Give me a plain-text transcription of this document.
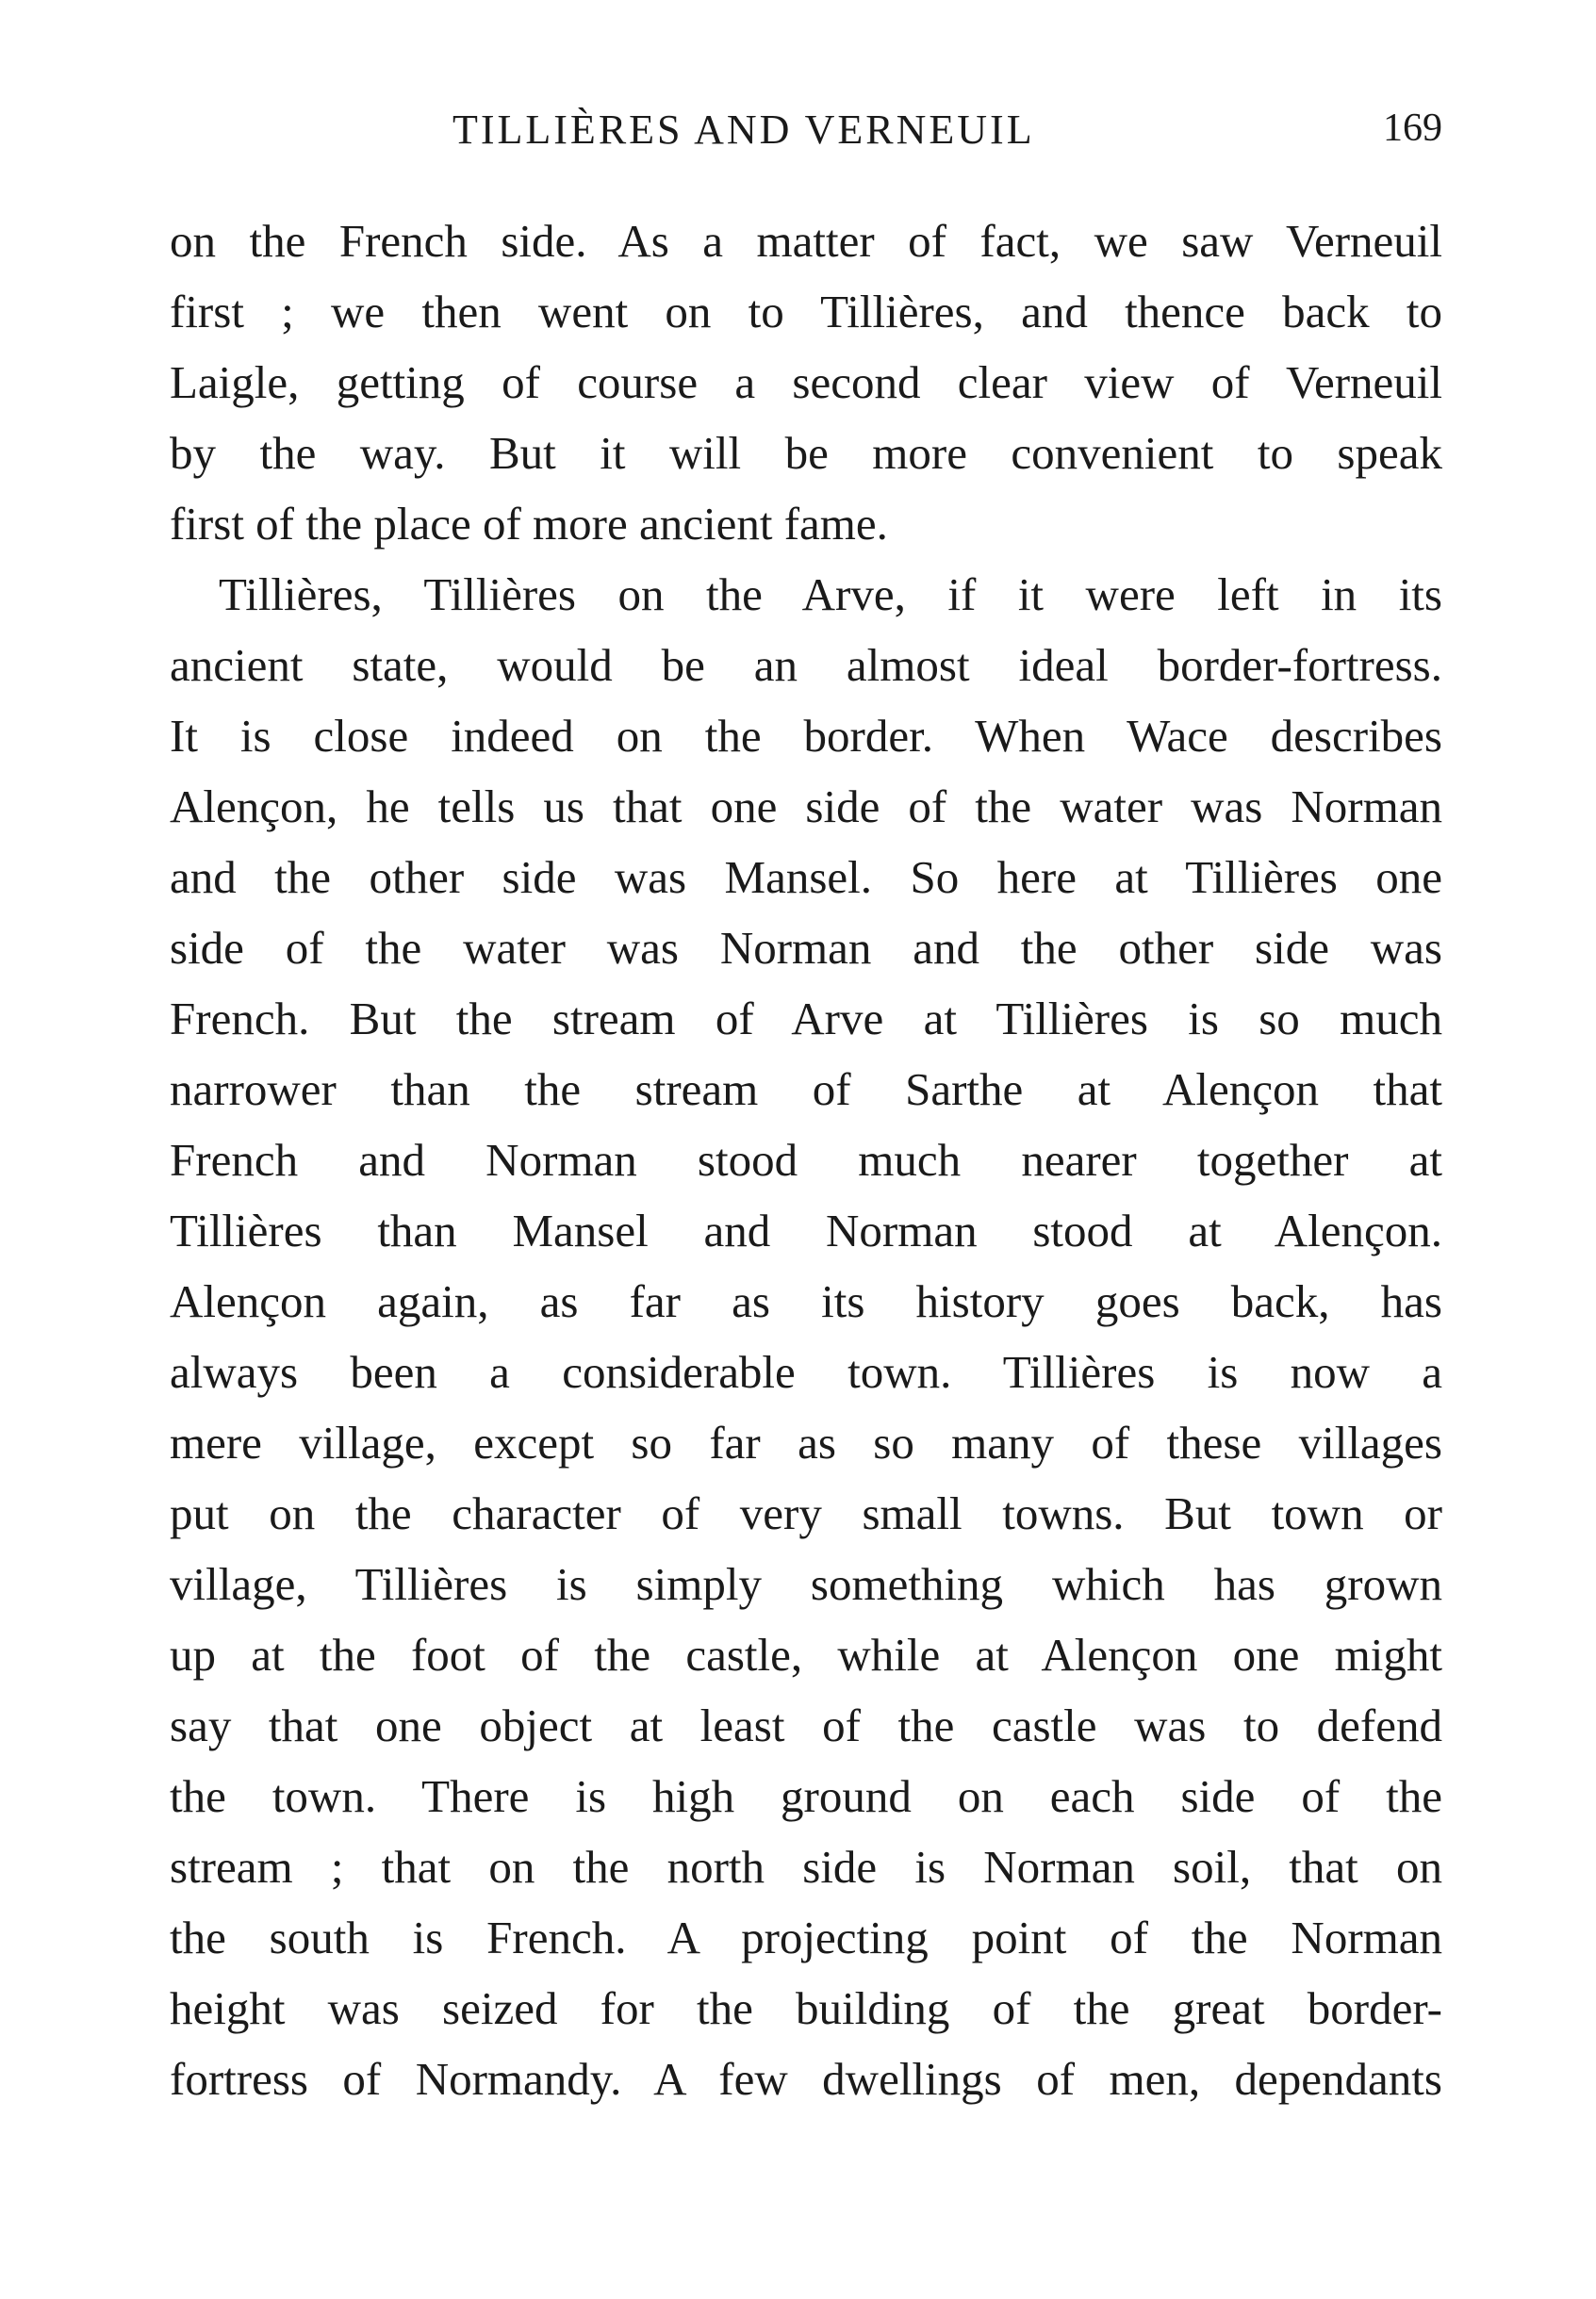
TILLIÈRES AND VERNEUIL	169
on the French side. As a matter of fact, we saw Verneuil
first ; we then went on to Tillières, and thence back to
Laigle, getting of course a second clear view of Verneuil
by the way. But it will be more convenient to speak
first of the place of more ancient fame.
Tillières, Tillières on the Arve, if it were left in its
ancient state, would be an almost ideal border-fortress.
It is close indeed on the border. When Wace describes
Alençon, he tells us that one side of the water was Norman
and the other side was Mansel. So here at Tillières one
side of the water was Norman and the other side was
French. But the stream of Arve at Tillières is so much
narrower than the stream of Sarthe at Alençon that
French and Norman stood much nearer together at
Tillières than Mansel and Norman stood at Alençon.
Alençon again, as far as its history goes back, has
always been a considerable town. Tillières is now a
mere village, except so far as so many of these villages
put on the character of very small towns. But town or
village, Tillières is simply something which has grown
up at the foot of the castle, while at Alençon one might
say that one object at least of the castle was to defend
the town. There is high ground on each side of the
stream ; that on the north side is Norman soil, that on
the south is French. A projecting point of the Norman
height was seized for the building of the great border-
fortress of Normandy. A few dwellings of men, dependants
